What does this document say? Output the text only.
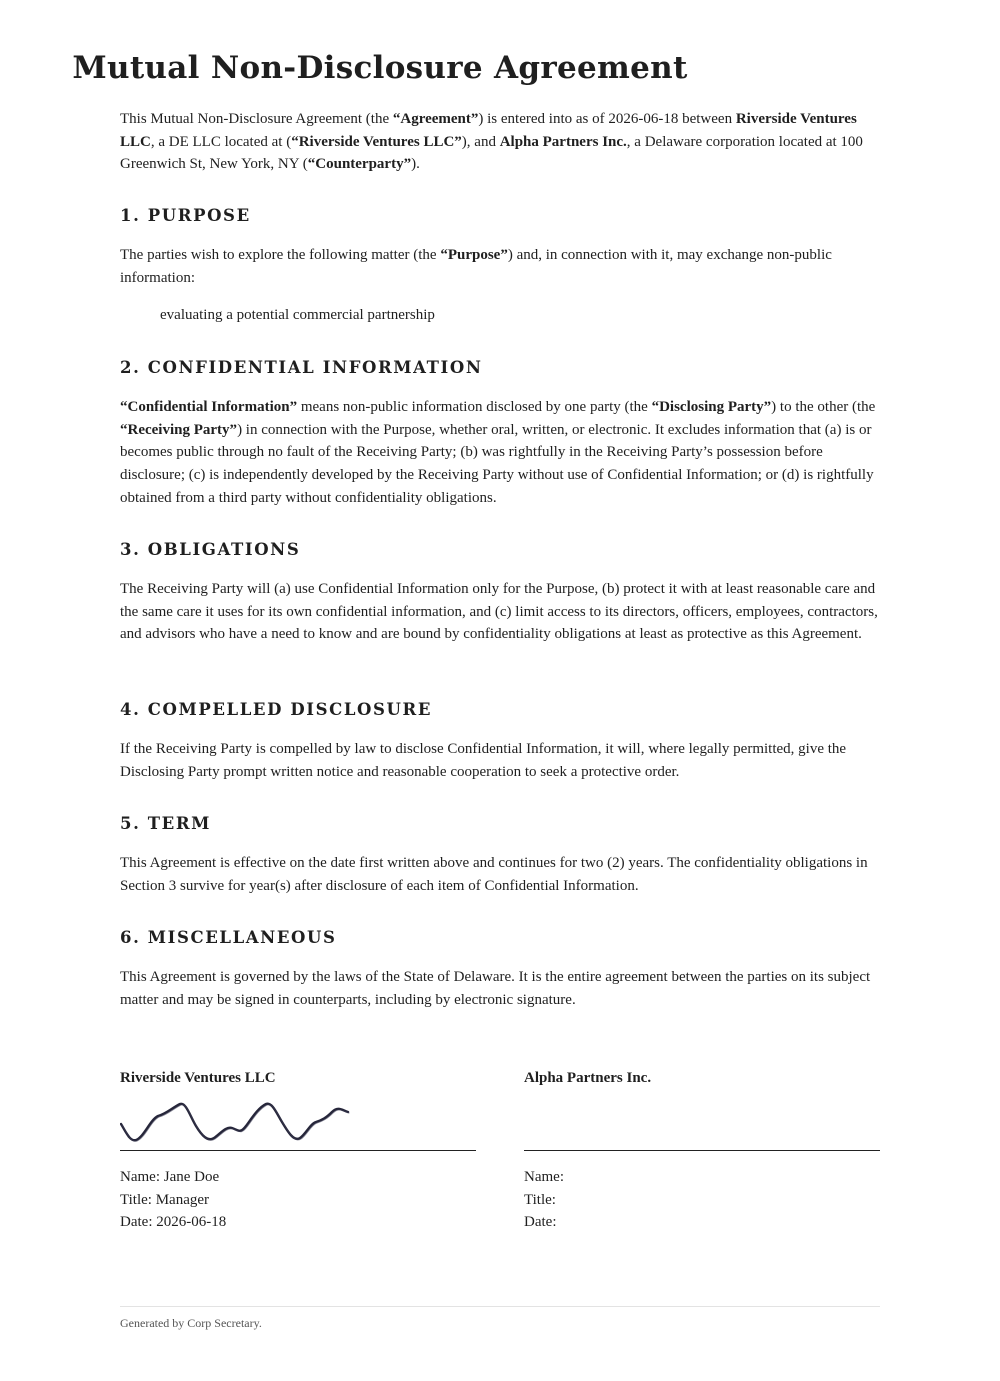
Mutual Non-Disclosure Agreement

This Mutual Non-Disclosure Agreement (the “Agreement”) is entered into as of 2026-06-18 between Riverside Ventures LLC, a DE LLC located at (“Riverside Ventures LLC”), and Alpha Partners Inc., a Delaware corporation located at 100 Greenwich St, New York, NY (“Counterparty”).

1. PURPOSE

The parties wish to explore the following matter (the “Purpose”) and, in connection with it, may exchange non-public information:

evaluating a potential commercial partnership

2. CONFIDENTIAL INFORMATION

“Confidential Information” means non-public information disclosed by one party (the “Disclosing Party”) to the other (the “Receiving Party”) in connection with the Purpose, whether oral, written, or electronic. It excludes information that (a) is or becomes public through no fault of the Receiving Party; (b) was rightfully in the Receiving Party’s possession before disclosure; (c) is independently developed by the Receiving Party without use of Confidential Information; or (d) is rightfully obtained from a third party without confidentiality obligations.

3. OBLIGATIONS

The Receiving Party will (a) use Confidential Information only for the Purpose, (b) protect it with at least reasonable care and the same care it uses for its own confidential information, and (c) limit access to its directors, officers, employees, contractors, and advisors who have a need to know and are bound by confidentiality obligations at least as protective as this Agreement.

4. COMPELLED DISCLOSURE

If the Receiving Party is compelled by law to disclose Confidential Information, it will, where legally permitted, give the Disclosing Party prompt written notice and reasonable cooperation to seek a protective order.

5. TERM

This Agreement is effective on the date first written above and continues for two (2) years. The confidentiality obligations in Section 3 survive for year(s) after disclosure of each item of Confidential Information.

6. MISCELLANEOUS

This Agreement is governed by the laws of the State of Delaware. It is the entire agreement between the parties on its subject matter and may be signed in counterparts, including by electronic signature.

Riverside Ventures LLC
Name: Jane Doe
Title: Manager
Date: 2026-06-18
Alpha Partners Inc.
Name:
Title:
Date:
Generated by Corp Secretary.
